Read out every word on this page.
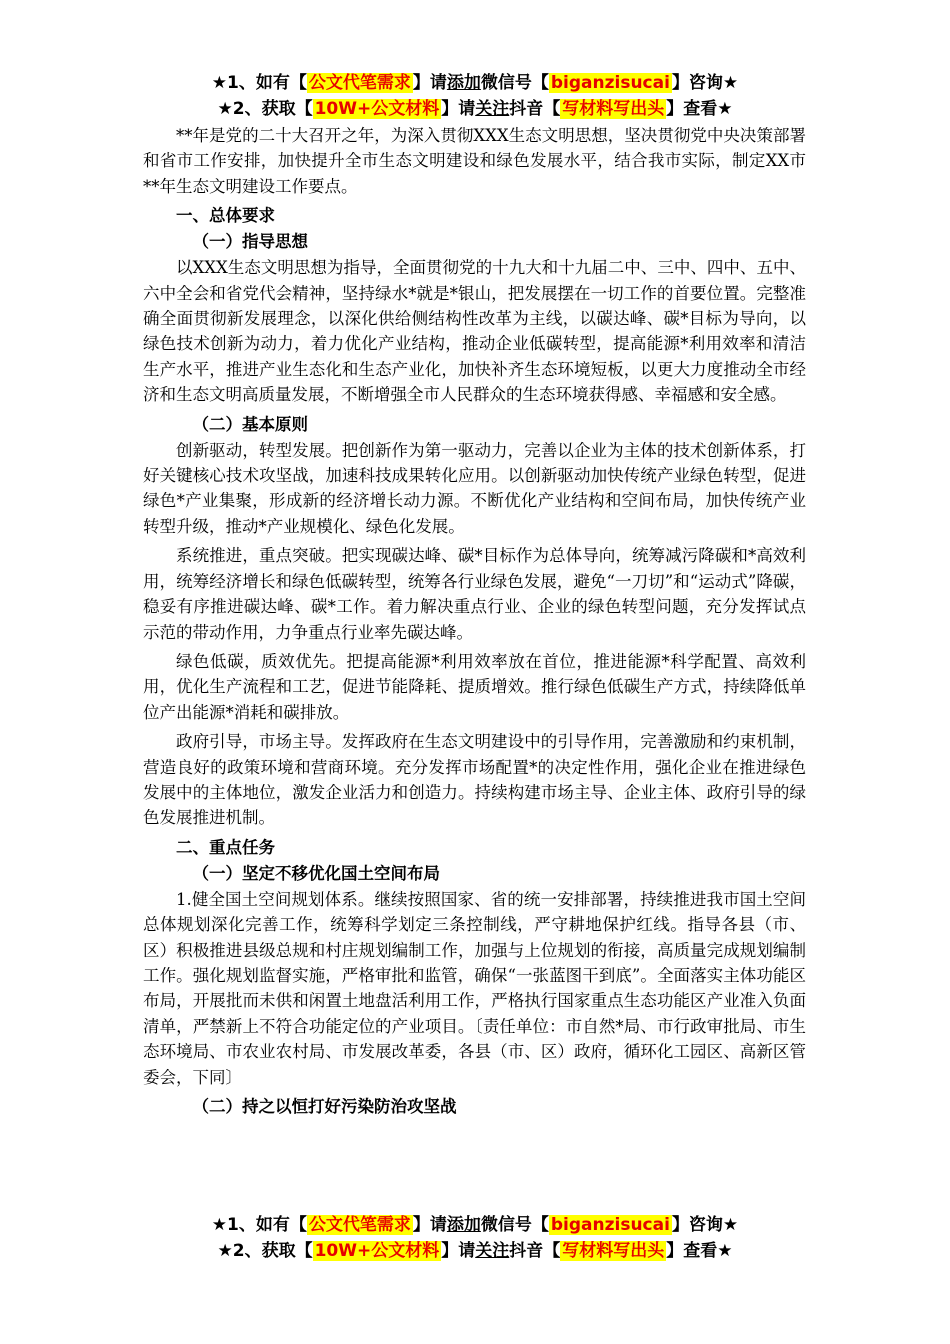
★1、如有【 公文代笔需求 】请添加微信号【 biganzisucai 】咨询★
★2、获取【 10W+公文材料 】请关注抖音【 写材料写出头 】查看★

**年是党的二十大召开之年，为深入贯彻XXX生态文明思想，坚决贯彻党中央决策部署和省市工作安排，加快提升全市生态文明建设和绿色发展水平，结合我市实际，制定XX市**年生态文明建设工作要点。

一、总体要求
（一）指导思想

以XXX生态文明思想为指导，全面贯彻党的十九大和十九届二中、三中、四中、五中、六中全会和省党代会精神，坚持绿水*就是*银山，把发展摆在一切工作的首要位置。完整准确全面贯彻新发展理念，以深化供给侧结构性改革为主线，以碳达峰、碳*目标为导向，以绿色技术创新为动力，着力优化产业结构，推动企业低碳转型，提高能源*利用效率和清洁生产水平，推进产业生态化和生态产业化，加快补齐生态环境短板，以更大力度推动全市经济和生态文明高质量发展，不断增强全市人民群众的生态环境获得感、幸福感和安全感。

（二）基本原则

创新驱动，转型发展。把创新作为第一驱动力，完善以企业为主体的技术创新体系，打好关键核心技术攻坚战，加速科技成果转化应用。以创新驱动加快传统产业绿色转型，促进绿色*产业集聚，形成新的经济增长动力源。不断优化产业结构和空间布局，加快传统产业转型升级，推动*产业规模化、绿色化发展。

系统推进，重点突破。把实现碳达峰、碳*目标作为总体导向，统筹减污降碳和*高效利用，统筹经济增长和绿色低碳转型，统筹各行业绿色发展，避免“一刀切”和“运动式”降碳，稳妥有序推进碳达峰、碳*工作。着力解决重点行业、企业的绿色转型问题，充分发挥试点示范的带动作用，力争重点行业率先碳达峰。

绿色低碳，质效优先。把提高能源*利用效率放在首位，推进能源*科学配置、高效利用，优化生产流程和工艺，促进节能降耗、提质增效。推行绿色低碳生产方式，持续降低单位产出能源*消耗和碳排放。

政府引导，市场主导。发挥政府在生态文明建设中的引导作用，完善激励和约束机制，营造良好的政策环境和营商环境。充分发挥市场配置*的决定性作用，强化企业在推进绿色发展中的主体地位，激发企业活力和创造力。持续构建市场主导、企业主体、政府引导的绿色发展推进机制。

二、重点任务
（一）坚定不移优化国土空间布局

1.健全国土空间规划体系。继续按照国家、省的统一安排部署，持续推进我市国土空间总体规划深化完善工作，统筹科学划定三条控制线，严守耕地保护红线。指导各县（市、区）积极推进县级总规和村庄规划编制工作，加强与上位规划的衔接，高质量完成规划编制工作。强化规划监督实施，严格审批和监管，确保“一张蓝图干到底”。全面落实主体功能区布局，开展批而未供和闲置土地盘活利用工作，严格执行国家重点生态功能区产业准入负面清单，严禁新上不符合功能定位的产业项目。〔责任单位：市自然*局、市行政审批局、市生态环境局、市农业农村局、市发展改革委，各县（市、区）政府，循环化工园区、高新区管委会，下同〕

（二）持之以恒打好污染防治攻坚战
★1、如有【 公文代笔需求 】请添加微信号【 biganzisucai 】咨询★
★2、获取【 10W+公文材料 】请关注抖音【 写材料写出头 】查看★
